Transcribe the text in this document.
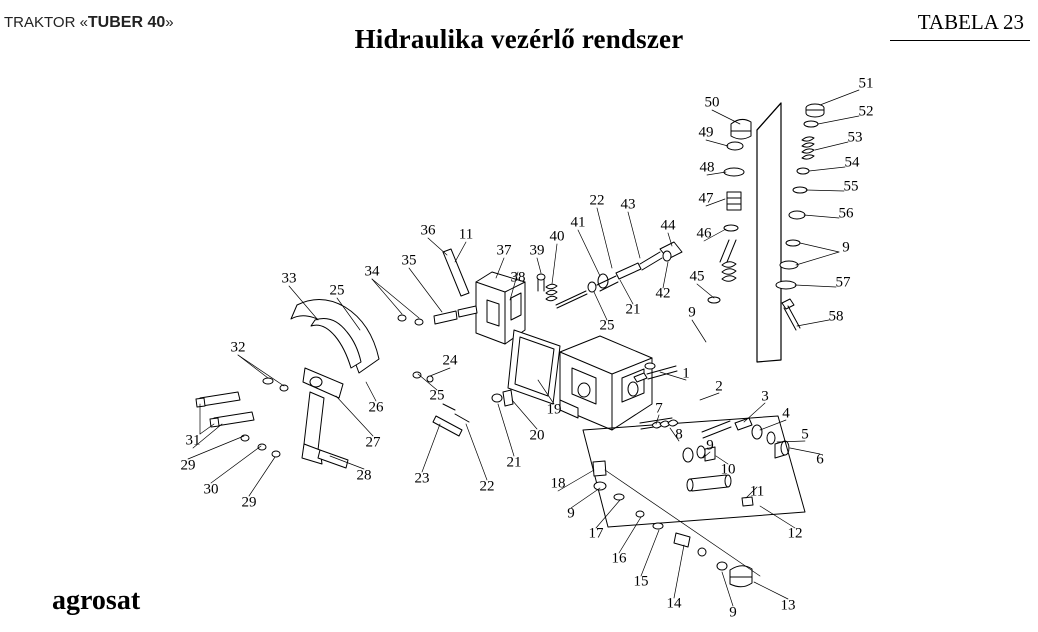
TRAKTOR «TUBER 40»
Hidraulika vezérlő rendszer
TABELA 23
51
52
50
53
49
54
55
48
56
47
44
9
43
22
46
41
57
36 11	40
37 39
45
58
35
38
34
42
33
21
25
25
9
24
32
1
2
25	3
26	4
7
31	5
27	20	8
19
6
9
29
28	23
21	10
30	22	18	11
29
9
12
17
16
15
14
9	13
agrosat
